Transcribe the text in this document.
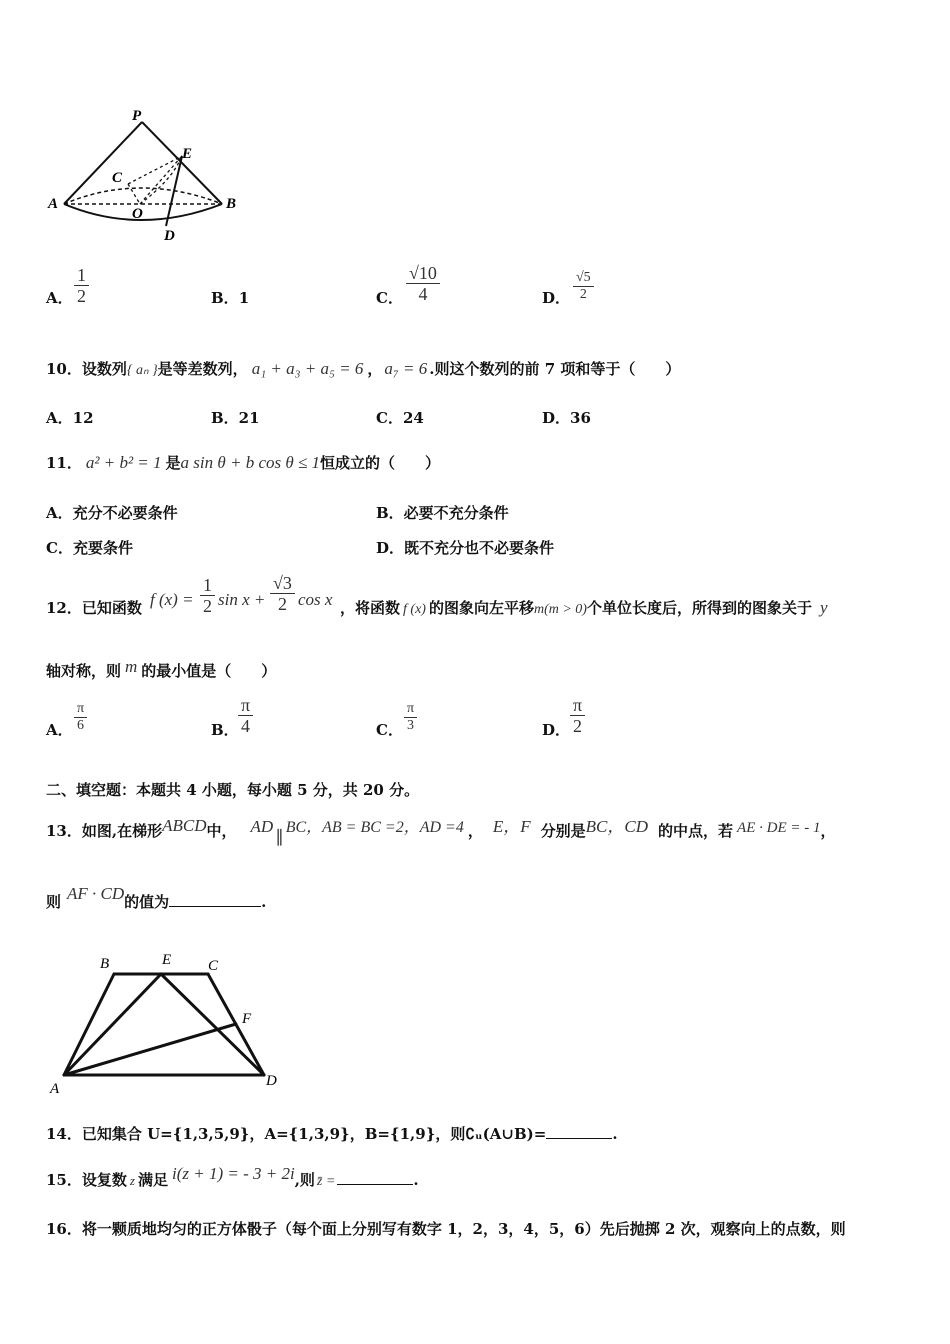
P
E
C
A
O
B
D
A． $\frac{1}{2}$	B．1	C． $\frac{√10}{4}$	D． $\frac{√5}{2}$
10．设数列{ aₙ }是等差数列， a₁ + a₃ + a₅ = 6 ， a₇ = 6 .则这个数列的前 7 项和等于（　　）
A．12	B．21	C．24	D．36
11． a² + b² = 1 是a sin θ + b cos θ ≤ 1恒成立的（　　）
A．充分不必要条件	B．必要不充分条件
C．充要条件	D．既不充分也不必要条件
12．已知函数 f $(x) = \frac{1}{2}$ $\sin x + \frac{√3}{2}$ cos x ，将函数 f (x) 的图象向左平移m(m > 0)个单位长度后，所得到的图象关于 y
轴对称，则 m 的最小值是（　　）
A． $\frac{\pi}{6}$	B． $\frac{\pi}{4}$	C． $\frac{\pi}{3}$	D． $\frac{\pi}{2}$
二、填空题：本题共 4 小题，每小题 5 分，共 20 分。
13．如图,在梯形ABCD中， AD∥ BC，AB = BC =2，AD =4 ， E，F 分别是BC，CD 的中点，若 AE · DE = - 1，
则 AF · CD的值为	.
B	E C
F
A	D
14．已知集合 U={1,3,5,9}，A={1,3,9}，B={1,9}，则∁ᵤ(A∪B)=	.
15．设复数 z 满足 i(z + 1) = - 3 + 2i,则 z̄ =	.
16．将一颗质地均匀的正方体骰子（每个面上分别写有数字 1，2，3，4，5，6）先后抛掷 2 次，观察向上的点数，则
